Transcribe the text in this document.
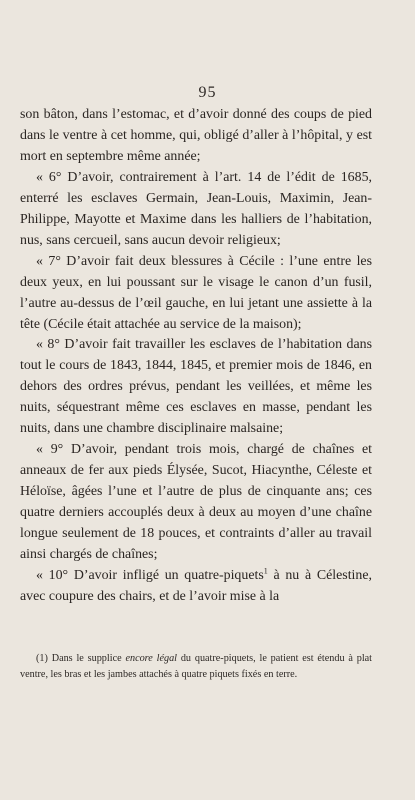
95

son bâton, dans l’estomac, et d’avoir donné des coups de pied dans le ventre à cet homme, qui, obligé d’aller à l’hôpital, y est mort en septembre même année;

« 6° D’avoir, contrairement à l’art. 14 de l’édit de 1685, enterré les esclaves Germain, Jean-Louis, Maximin, Jean-Philippe, Mayotte et Maxime dans les halliers de l’habitation, nus, sans cercueil, sans aucun devoir religieux;

« 7° D’avoir fait deux blessures à Cécile : l’une entre les deux yeux, en lui poussant sur le visage le canon d’un fusil, l’autre au-dessus de l’œil gauche, en lui jetant une assiette à la tête (Cécile était attachée au service de la maison);

« 8° D’avoir fait travailler les esclaves de l’habitation dans tout le cours de 1843, 1844, 1845, et premier mois de 1846, en dehors des ordres prévus, pendant les veillées, et même les nuits, séquestrant même ces esclaves en masse, pendant les nuits, dans une chambre disciplinaire malsaine;

« 9° D’avoir, pendant trois mois, chargé de chaînes et anneaux de fer aux pieds Élysée, Sucot, Hiacynthe, Céleste et Héloïse, âgées l’une et l’autre de plus de cinquante ans; ces quatre derniers accouplés deux à deux au moyen d’une chaîne longue seulement de 18 pouces, et contraints d’aller au travail ainsi chargés de chaînes;

« 10° D’avoir infligé un quatre-piquets$^1$ à nu à Célestine, avec coupure des chairs, et de l’avoir mise à la

(1) Dans le supplice encore légal du quatre-piquets, le patient est étendu à plat ventre, les bras et les jambes attachés à quatre piquets fixés en terre.
